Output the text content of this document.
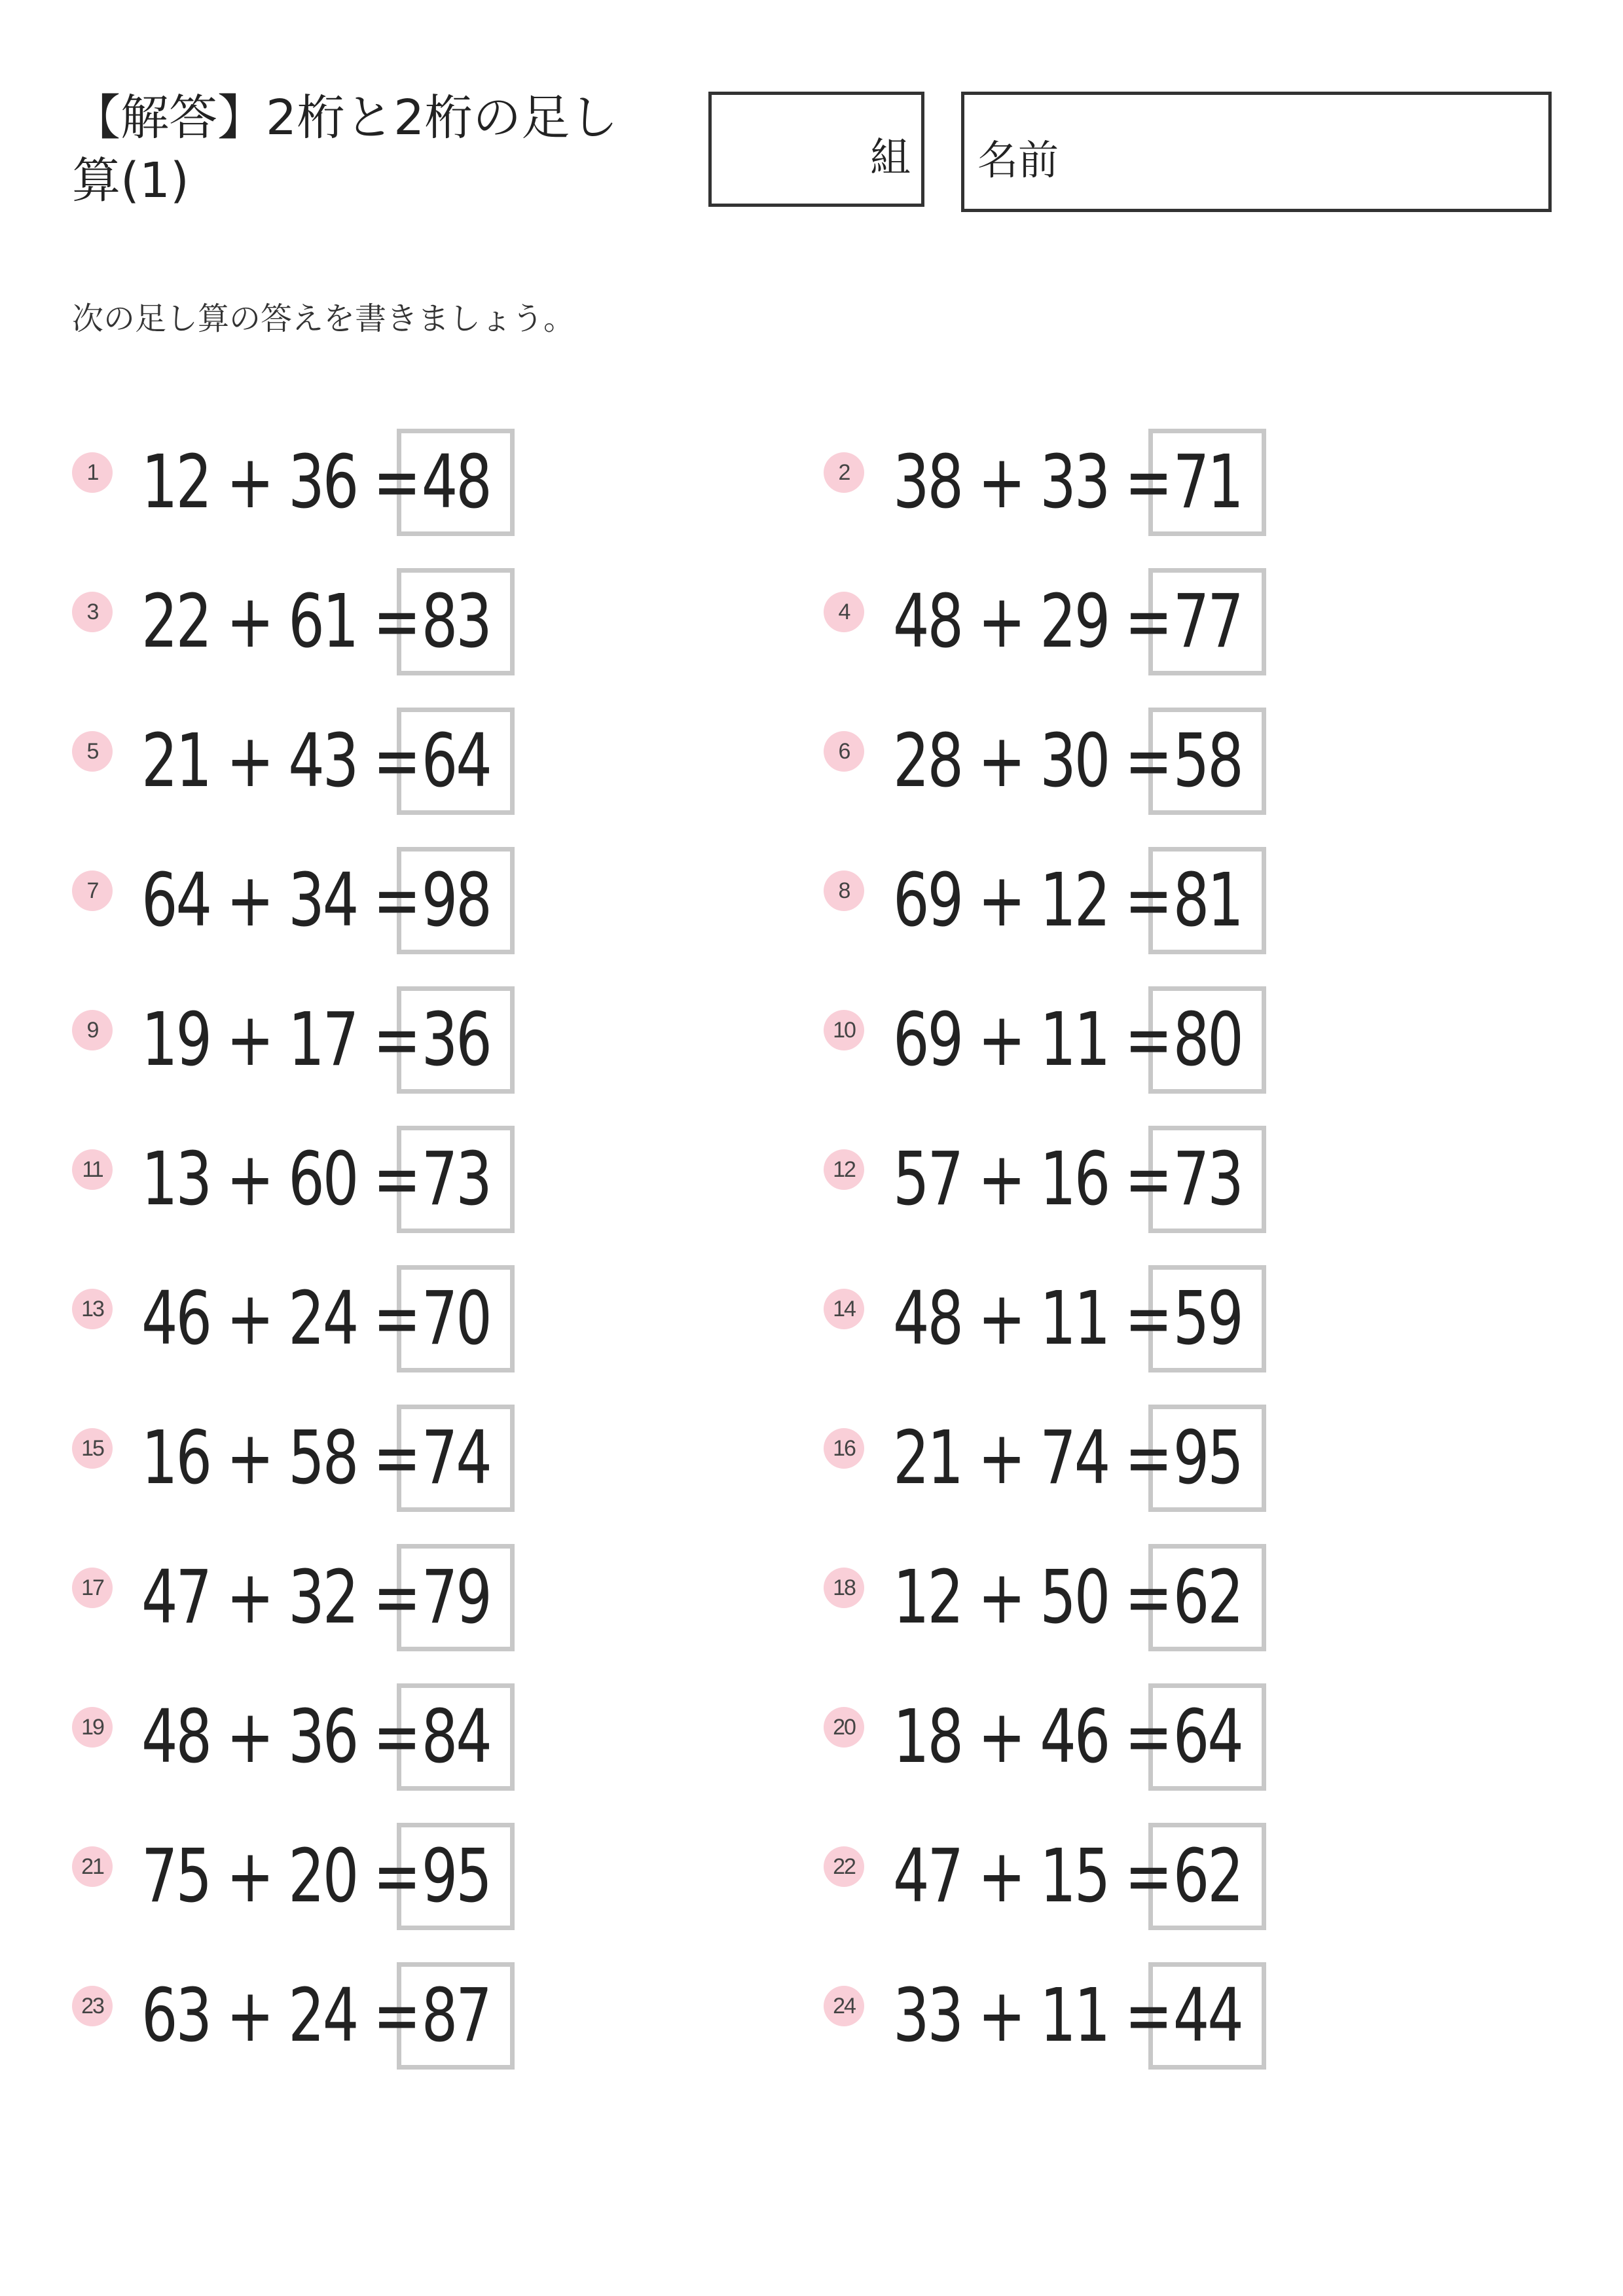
【解答】2桁と2桁の足し算(1)	組 名前
次の足し算の答えを書きましょう。
1 12 + 36 = 48	2 38 + 33 = 71
3 22 + 61 = 83	4 48 + 29 = 77
5 21 + 43 = 64	6 28 + 30 = 58
7 64 + 34 = 98	8 69 + 12 = 81
9 19 + 17 = 36	10 69 + 11 = 80
11 13 + 60 = 73	12 57 + 16 = 73
13 46 + 24 = 70	14 48 + 11 = 59
15 16 + 58 = 74	16 21 + 74 = 95
17 47 + 32 = 79	18 12 + 50 = 62
19 48 + 36 = 84	20 18 + 46 = 64
21 75 + 20 = 95	22 47 + 15 = 62
23 63 + 24 = 87	24 33 + 11 = 44
